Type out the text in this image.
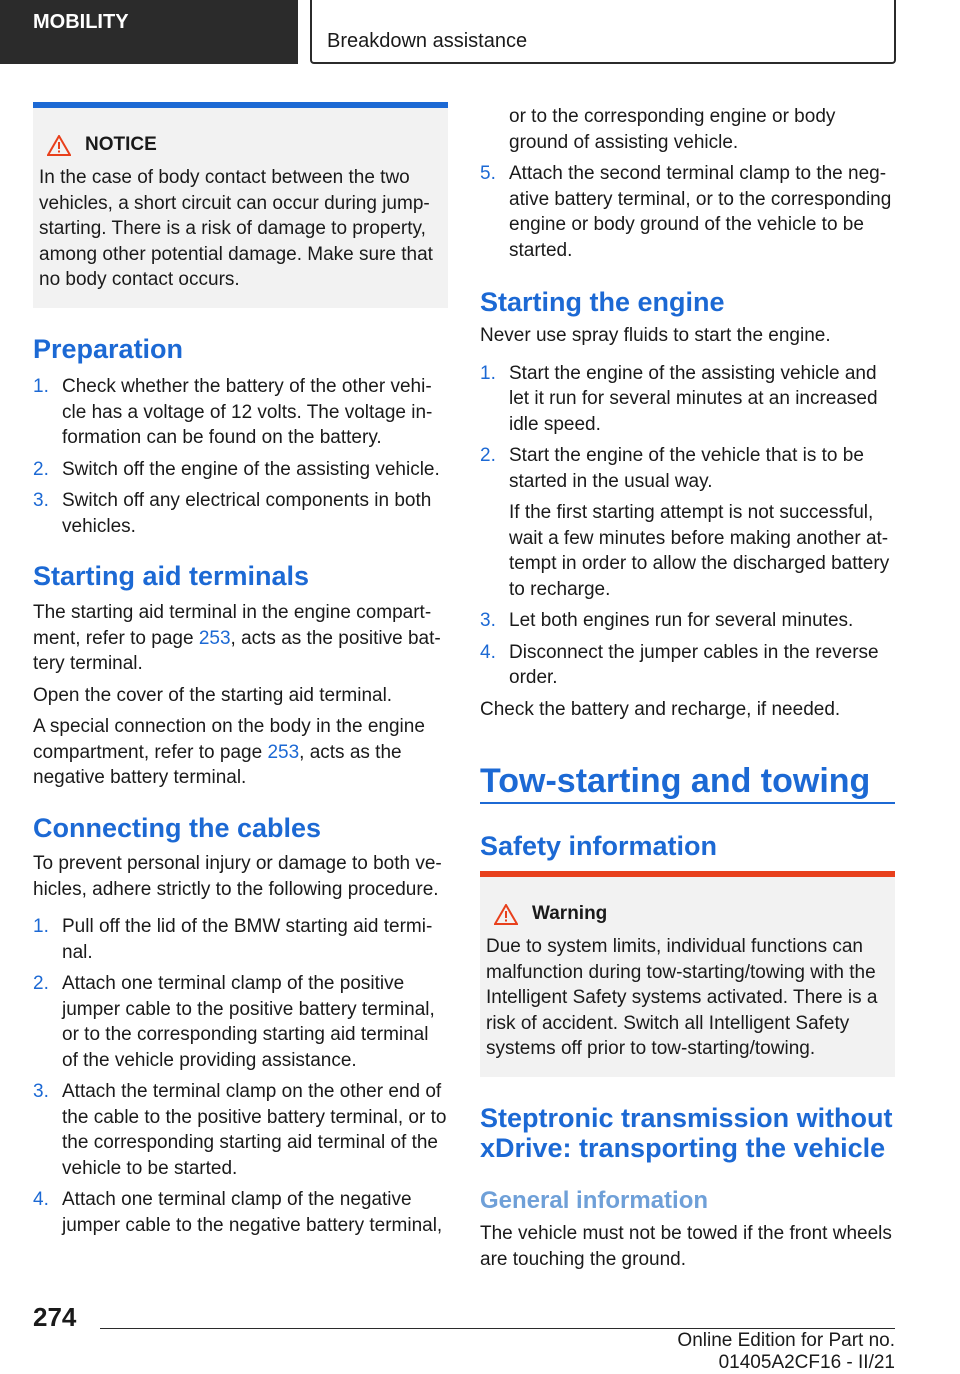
MOBILITY
Breakdown assistance
NOTICE

In the case of body contact between the two vehicles, a short circuit can occur during jump-starting. There is a risk of damage to property, among other potential damage. Make sure that no body contact occurs.

Preparation
1. Check whether the battery of the other vehi-cle has a voltage of 12 volts. The voltage in-formation can be found on the battery.

2. Switch off the engine of the assisting vehicle.

3. Switch off any electrical components in both vehicles.

Starting aid terminals

The starting aid terminal in the engine compart-ment, refer to page 253, acts as the positive bat-tery terminal.

Open the cover of the starting aid terminal.

A special connection on the body in the engine compartment, refer to page 253, acts as the negative battery terminal.

Connecting the cables

To prevent personal injury or damage to both ve-hicles, adhere strictly to the following procedure.

1. Pull off the lid of the BMW starting aid termi-nal.

2. Attach one terminal clamp of the positive jumper cable to the positive battery terminal, or to the corresponding starting aid terminal of the vehicle providing assistance.

3. Attach the terminal clamp on the other end of the cable to the positive battery terminal, or to the corresponding starting aid terminal of the vehicle to be started.

4. Attach one terminal clamp of the negative jumper cable to the negative battery terminal,

or to the corresponding engine or body ground of assisting vehicle.

5. Attach the second terminal clamp to the neg-ative battery terminal, or to the corresponding engine or body ground of the vehicle to be started.

Starting the engine

Never use spray fluids to start the engine.

1. Start the engine of the assisting vehicle and let it run for several minutes at an increased idle speed.

2. Start the engine of the vehicle that is to be started in the usual way.

If the first starting attempt is not successful, wait a few minutes before making another at-tempt in order to allow the discharged battery to recharge.

3. Let both engines run for several minutes.

4. Disconnect the jumper cables in the reverse order.

Check the battery and recharge, if needed.

Tow-starting and towing
Safety information
Warning

Due to system limits, individual functions can malfunction during tow-starting/towing with the Intelligent Safety systems activated. There is a risk of accident. Switch all Intelligent Safety systems off prior to tow-starting/towing.

Steptronic transmission without xDrive: transporting the vehicle
General information

The vehicle must not be towed if the front wheels are touching the ground.

274
Online Edition for Part no. 01405A2CF16 - II/21
